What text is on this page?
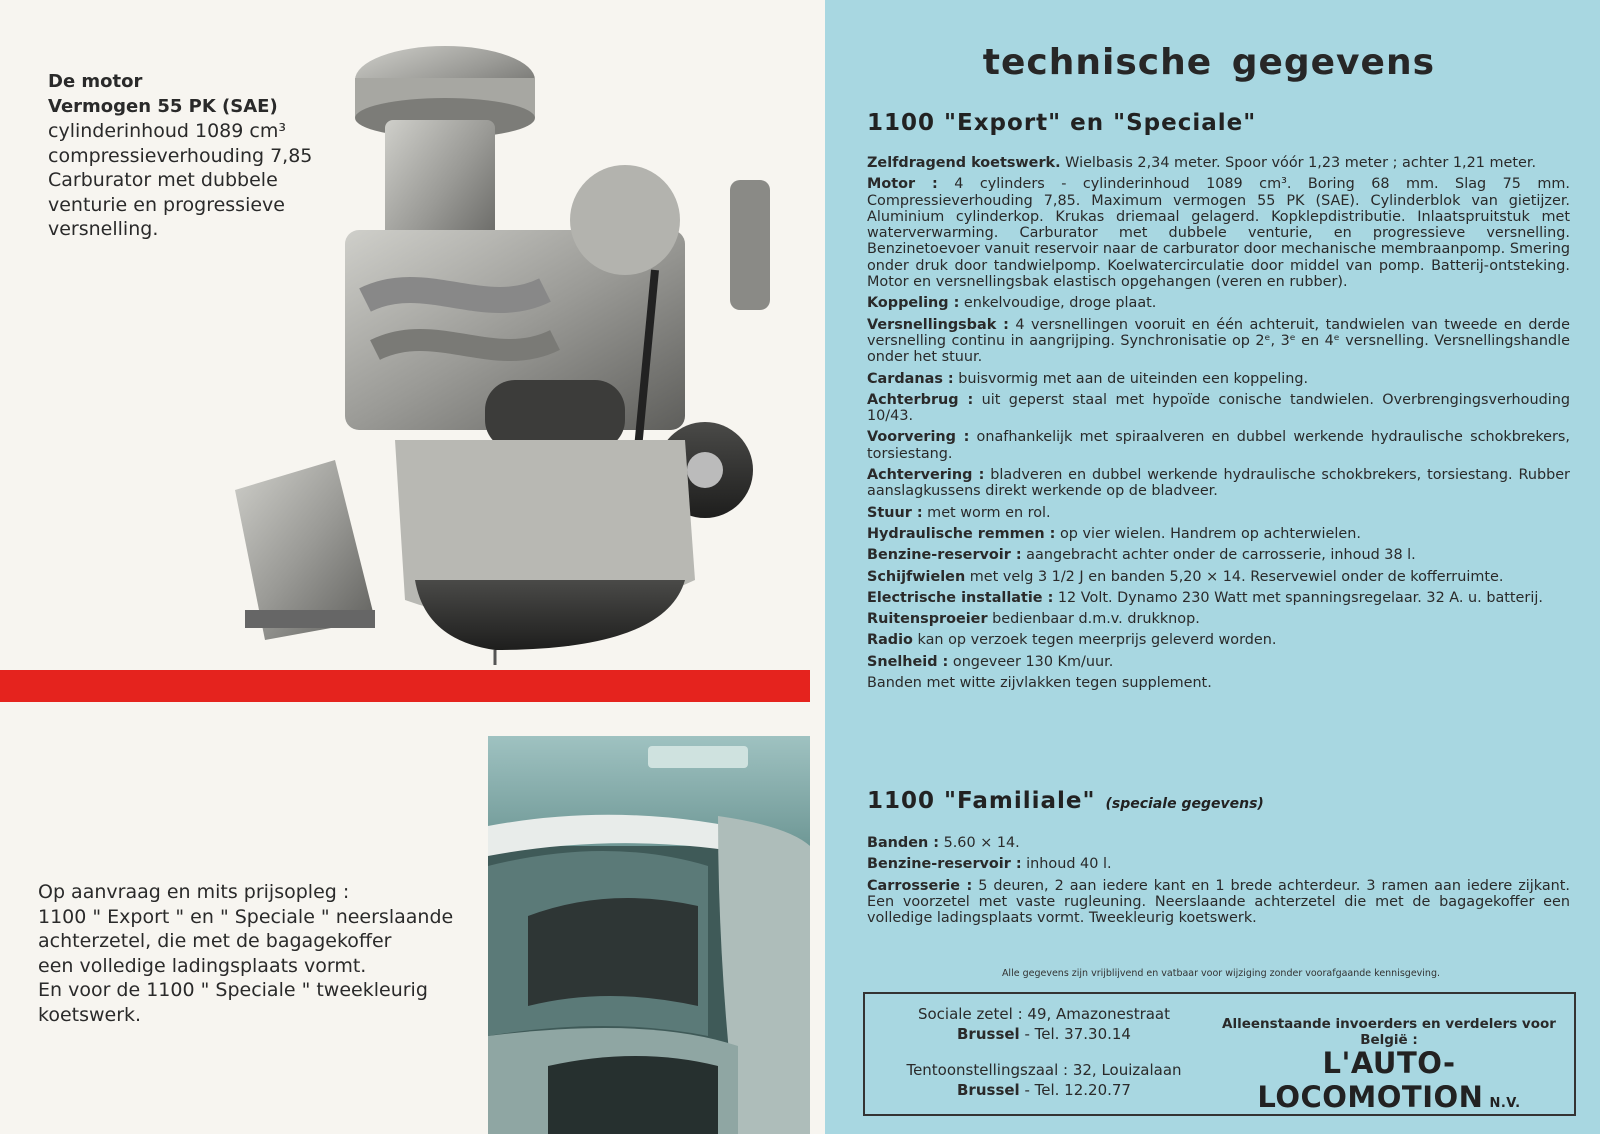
De motor
Vermogen 55 PK (SAE)
cylinderinhoud 1089 cm³
compressieverhouding 7,85
Carburator met dubbele
venturie en progressieve
versnelling.
Op aanvraag en mits prijsopleg :
1100 " Export " en " Speciale " neerslaande
achterzetel, die met de bagagekoffer
een volledige ladingsplaats vormt.
En voor de 1100 " Speciale " tweekleurig
koetswerk.
technische gegevens
1100 "Export" en "Speciale"

Zelfdragend koetswerk. Wielbasis 2,34 meter. Spoor vóór 1,23 meter ; achter 1,21 meter.

Motor : 4 cylinders - cylinderinhoud 1089 cm³. Boring 68 mm. Slag 75 mm. Compressieverhouding 7,85. Maximum vermogen 55 PK (SAE). Cylinderblok van gietijzer. Aluminium cylinderkop. Krukas driemaal gelagerd. Kopklepdistributie. Inlaatspruitstuk met waterverwarming. Carburator met dubbele venturie, en progressieve versnelling. Benzinetoevoer vanuit reservoir naar de carburator door mechanische membraanpomp. Smering onder druk door tandwielpomp. Koelwatercirculatie door middel van pomp. Batterij-ontsteking. Motor en versnellingsbak elastisch opgehangen (veren en rubber).

Koppeling : enkelvoudige, droge plaat.

Versnellingsbak : 4 versnellingen vooruit en één achteruit, tandwielen van tweede en derde versnelling continu in aangrijping. Synchronisatie op 2ᵉ, 3ᵉ en 4ᵉ versnelling. Versnellingshandle onder het stuur.

Cardanas : buisvormig met aan de uiteinden een koppeling.

Achterbrug : uit geperst staal met hypoïde conische tandwielen. Overbrengingsverhouding 10/43.

Voorvering : onafhankelijk met spiraalveren en dubbel werkende hydraulische schokbrekers, torsiestang.

Achtervering : bladveren en dubbel werkende hydraulische schokbrekers, torsiestang. Rubber aanslagkussens direkt werkende op de bladveer.

Stuur : met worm en rol.

Hydraulische remmen : op vier wielen. Handrem op achterwielen.

Benzine-reservoir : aangebracht achter onder de carrosserie, inhoud 38 l.

Schijfwielen met velg 3 1/2 J en banden 5,20 × 14. Reservewiel onder de kofferruimte.

Electrische installatie : 12 Volt. Dynamo 230 Watt met spanningsregelaar. 32 A. u. batterij.

Ruitensproeier bedienbaar d.m.v. drukknop.

Radio kan op verzoek tegen meerprijs geleverd worden.

Snelheid : ongeveer 130 Km/uur.

Banden met witte zijvlakken tegen supplement.

1100 "Familiale" (speciale gegevens)

Banden : 5.60 × 14.

Benzine-reservoir : inhoud 40 l.

Carrosserie : 5 deuren, 2 aan iedere kant en 1 brede achterdeur. 3 ramen aan iedere zijkant. Een voorzetel met vaste rugleuning. Neerslaande achterzetel die met de bagagekoffer een volledige ladingsplaats vormt. Tweekleurig koetswerk.

Alle gegevens zijn vrijblijvend en vatbaar voor wijziging zonder voorafgaande kennisgeving.
Sociale zetel : 49, Amazonestraat
Brussel - Tel. 37.30.14
Tentoonstellingszaal : 32, Louizalaan
Brussel - Tel. 12.20.77
Alleenstaande invoerders en verdelers voor België :
L'AUTO-LOCOMOTION N.V.
